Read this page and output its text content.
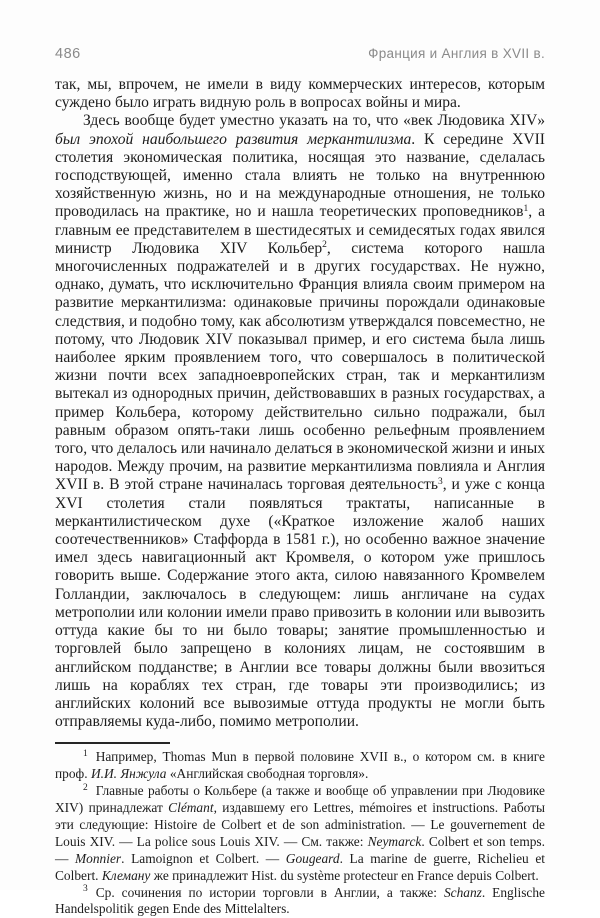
486	Франция и Англия в XVII в.

так, мы, впрочем, не имели в виду коммерческих интересов, которым суждено было играть видную роль в вопросах войны и мира.

Здесь вообще будет уместно указать на то, что «век Людовика XIV» был эпохой наибольшего развития меркантилизма. К середине XVII столетия экономическая политика, носящая это название, сделалась господствующей, именно стала влиять не только на внутреннюю хозяйственную жизнь, но и на международные отношения, не только проводилась на практике, но и нашла теоретических проповедников$^1$, а главным ее представителем в шестидесятых и семидесятых годах явился министр Людовика XIV Кольбер$^2$, система которого нашла многочисленных подражателей и в других государствах. Не нужно, однако, думать, что исключительно Франция влияла своим примером на развитие меркантилизма: одинаковые причины порождали одинаковые следствия, и подобно тому, как абсолютизм утверждался повсеместно, не потому, что Людовик XIV показывал пример, и его система была лишь наиболее ярким проявлением того, что совершалось в политической жизни почти всех западноевропейских стран, так и меркантилизм вытекал из однородных причин, действовавших в разных государствах, а пример Кольбера, которому действительно сильно подражали, был равным образом опять-таки лишь особенно рельефным проявлением того, что делалось или начинало делаться в экономической жизни и иных народов. Между прочим, на развитие меркантилизма повлияла и Англия XVII в. В этой стране начиналась торговая деятельность$^3$, и уже с конца XVI столетия стали появляться трактаты, написанные в меркантилистическом духе («Краткое изложение жалоб наших соотечественников» Стаффорда в 1581 г.), но особенно важное значение имел здесь навигационный акт Кромвеля, о котором уже пришлось говорить выше. Содержание этого акта, силою навязанного Кромвелем Голландии, заключалось в следующем: лишь англичане на судах метрополии или колонии имели право привозить в колонии или вывозить оттуда какие бы то ни было товары; занятие промышленностью и торговлей было запрещено в колониях лицам, не состоявшим в английском подданстве; в Англии все товары должны были ввозиться лишь на кораблях тех стран, где товары эти производились; из английских колоний все вывозимые оттуда продукты не могли быть отправляемы куда-либо, помимо метрополии.

$^1$ Например, Thomas Mun в первой половине XVII в., о котором см. в книге проф. И.И. Янжула «Английская свободная торговля».

$^2$ Главные работы о Кольбере (а также и вообще об управлении при Людовике XIV) принадлежат Clémant, издавшему его Lettres, mémoires et instructions. Работы эти следующие: Histoire de Colbert et de son administration. — Le gouvernement de Louis XIV. — La police sous Louis XIV. — См. также: Neymarck. Colbert et son temps. — Monnier. Lamoignon et Colbert. — Gougeard. La marine de guerre, Richelieu et Colbert. Клеману же принадлежит Hist. du système protecteur en France depuis Colbert.

$^3$ Ср. сочинения по истории торговли в Англии, а также: Schanz. Englische Handelspolitik gegen Ende des Mittelalters.
